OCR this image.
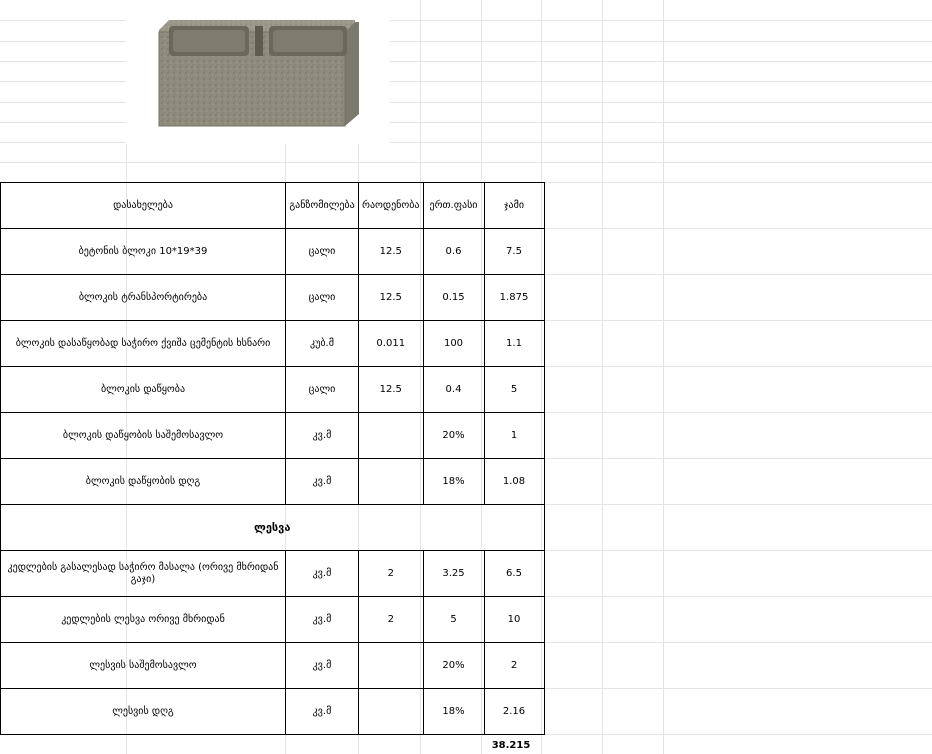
დასახელება	განზომილება	რაოდენობა	ერთ.ფასი	ჯამი
ბეტონის ბლოკი 10*19*39	ცალი	12.5	0.6	7.5
ბლოკის ტრანსპორტირება	ცალი	12.5	0.15	1.875
ბლოკის დასაწყობად საჭირო ქვიშა ცემენტის ხსნარი	კუბ.მ	0.011	100	1.1
ბლოკის დაწყობა	ცალი	12.5	0.4	5
ბლოკის დაწყობის საშემოსავლო	კვ.მ		20%	1
ბლოკის დაწყობის დღგ	კვ.მ		18%	1.08
ლესვა				
კედლების გასალესად საჭირო მასალა (ორივე მხრიდან გაჯი)	კვ.მ	2	3.25	6.5
კედლების ლესვა ორივე მხრიდან	კვ.მ	2	5	10
ლესვის საშემოსავლო	კვ.მ		20%	2
ლესვის დღგ	კვ.მ		18%	2.16
38.215
